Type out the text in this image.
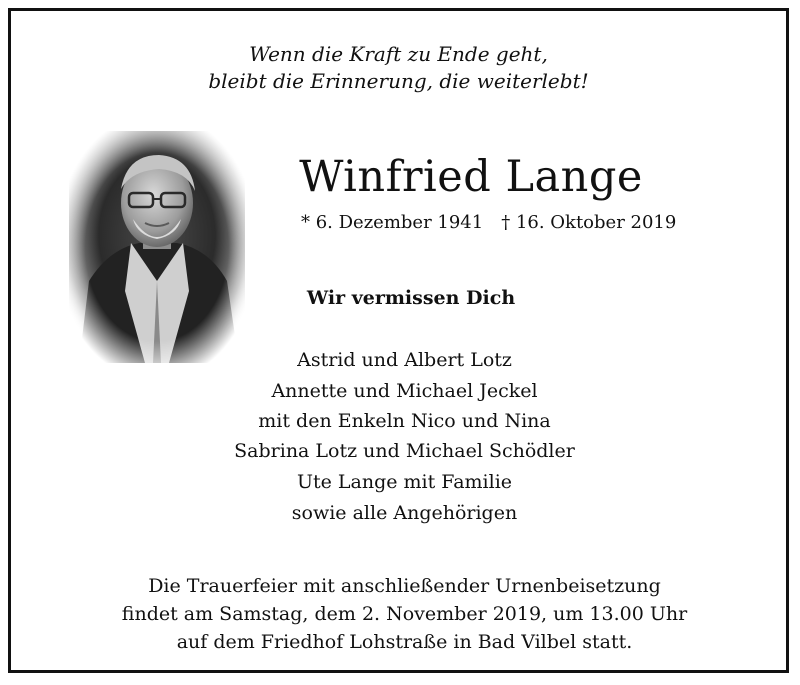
Wenn die Kraft zu Ende geht,
bleibt die Erinnerung, die weiterlebt!
Winfried Lange
* 6. Dezember 1941 † 16. Oktober 2019
Wir vermissen Dich
Astrid und Albert Lotz
Annette und Michael Jeckel
mit den Enkeln Nico und Nina
Sabrina Lotz und Michael Schödler
Ute Lange mit Familie
sowie alle Angehörigen
Die Trauerfeier mit anschließender Urnenbeisetzung
findet am Samstag, dem 2. November 2019, um 13.00 Uhr
auf dem Friedhof Lohstraße in Bad Vilbel statt.
